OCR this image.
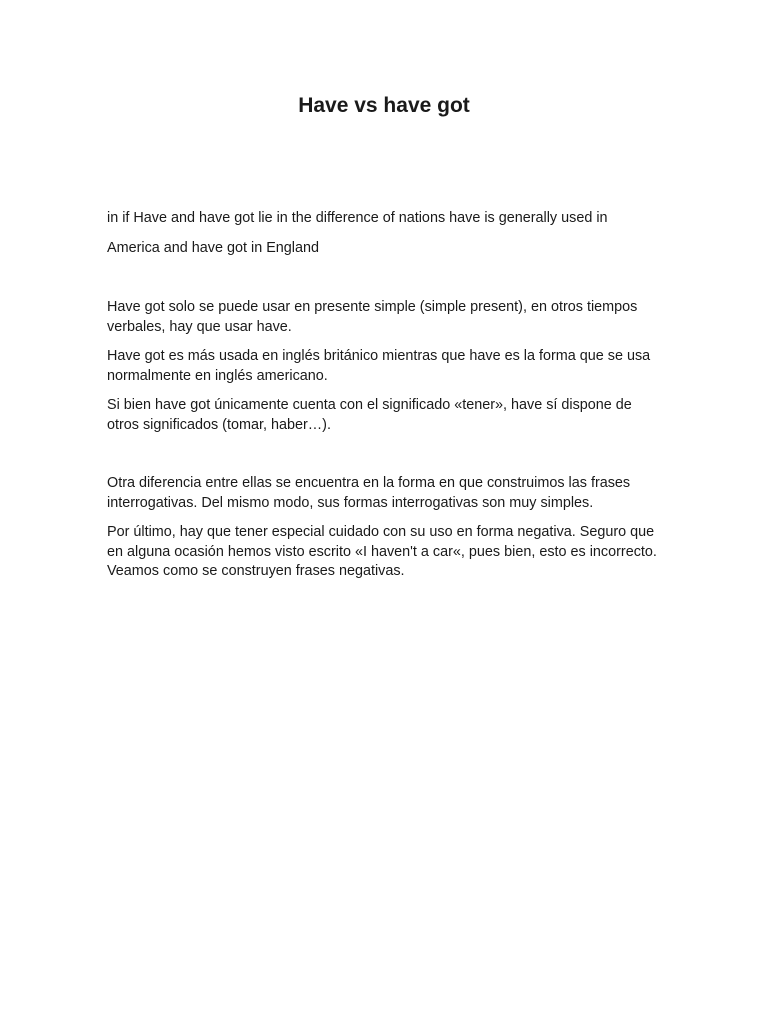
Have vs have got

in if Have and have got lie in the difference of nations have is generally used in

America and have got in England

Have got solo se puede usar en presente simple (simple present), en otros tiempos verbales, hay que usar have.

Have got es más usada en inglés británico mientras que have es la forma que se usa normalmente en inglés americano.

Si bien have got únicamente cuenta con el significado «tener», have sí dispone de otros significados (tomar, haber…).

Otra diferencia entre ellas se encuentra en la forma en que construimos las frases interrogativas. Del mismo modo, sus formas interrogativas son muy simples.

Por último, hay que tener especial cuidado con su uso en forma negativa. Seguro que en alguna ocasión hemos visto escrito «I haven't a car«, pues bien, esto es incorrecto. Veamos como se construyen frases negativas.
